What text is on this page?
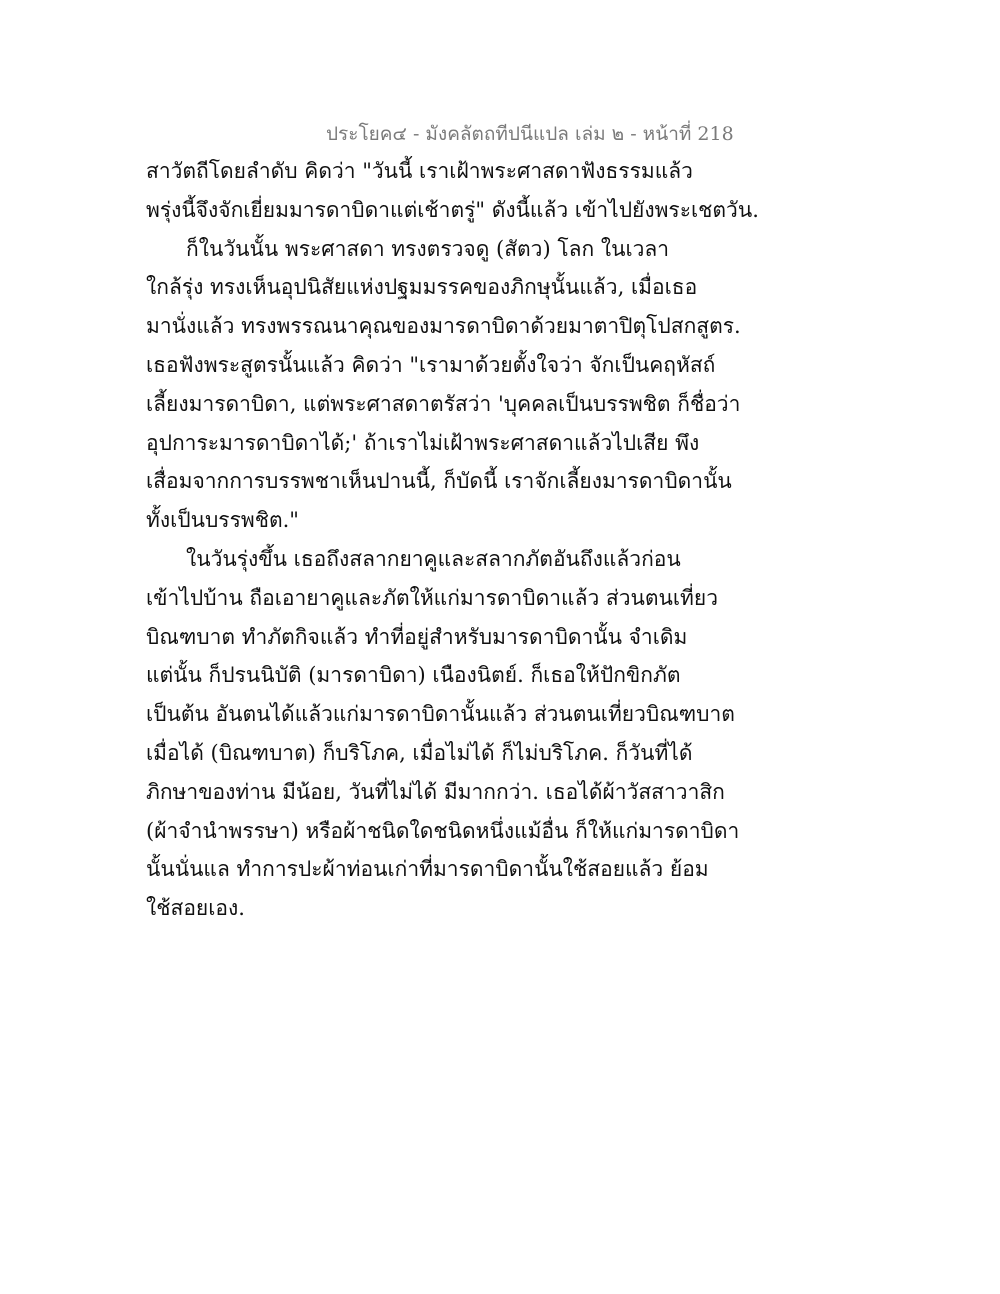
ประโยค๔ - มังคลัตถทีปนีแปล เล่ม ๒ - หน้าที่ 218
สาวัตถีโดยลำดับ คิดว่า "วันนี้ เราเฝ้าพระศาสดาฟังธรรมแล้ว
พรุ่งนี้จึงจักเยี่ยมมารดาบิดาแต่เช้าตรู่" ดังนี้แล้ว เข้าไปยังพระเชตวัน.
ก็ในวันนั้น พระศาสดา ทรงตรวจดู (สัตว) โลก ในเวลา
ใกล้รุ่ง ทรงเห็นอุปนิสัยแห่งปฐมมรรคของภิกษุนั้นแล้ว, เมื่อเธอ
มานั่งแล้ว ทรงพรรณนาคุณของมารดาบิดาด้วยมาตาปิตุโปสกสูตร.
เธอฟังพระสูตรนั้นแล้ว คิดว่า "เรามาด้วยตั้งใจว่า จักเป็นคฤหัสถ์
เลี้ยงมารดาบิดา, แต่พระศาสดาตรัสว่า 'บุคคลเป็นบรรพชิต ก็ชื่อว่า
อุปการะมารดาบิดาได้;' ถ้าเราไม่เฝ้าพระศาสดาแล้วไปเสีย พึง
เสื่อมจากการบรรพชาเห็นปานนี้, ก็บัดนี้ เราจักเลี้ยงมารดาบิดานั้น
ทั้งเป็นบรรพชิต."
ในวันรุ่งขึ้น เธอถึงสลากยาคูและสลากภัตอันถึงแล้วก่อน
เข้าไปบ้าน ถือเอายาคูและภัตให้แก่มารดาบิดาแล้ว ส่วนตนเที่ยว
บิณฑบาต ทำภัตกิจแล้ว ทำที่อยู่สำหรับมารดาบิดานั้น จำเดิม
แต่นั้น ก็ปรนนิบัติ (มารดาบิดา) เนืองนิตย์. ก็เธอให้ปักขิกภัต
เป็นต้น อันตนได้แล้วแก่มารดาบิดานั้นแล้ว ส่วนตนเที่ยวบิณฑบาต
เมื่อได้ (บิณฑบาต) ก็บริโภค, เมื่อไม่ได้ ก็ไม่บริโภค. ก็วันที่ได้
ภิกษาของท่าน มีน้อย, วันที่ไม่ได้ มีมากกว่า. เธอได้ผ้าวัสสาวาสิก
(ผ้าจำนำพรรษา) หรือผ้าชนิดใดชนิดหนึ่งแม้อื่น ก็ให้แก่มารดาบิดา
นั้นนั่นแล ทำการปะผ้าท่อนเก่าที่มารดาบิดานั้นใช้สอยแล้ว ย้อม
ใช้สอยเอง.
